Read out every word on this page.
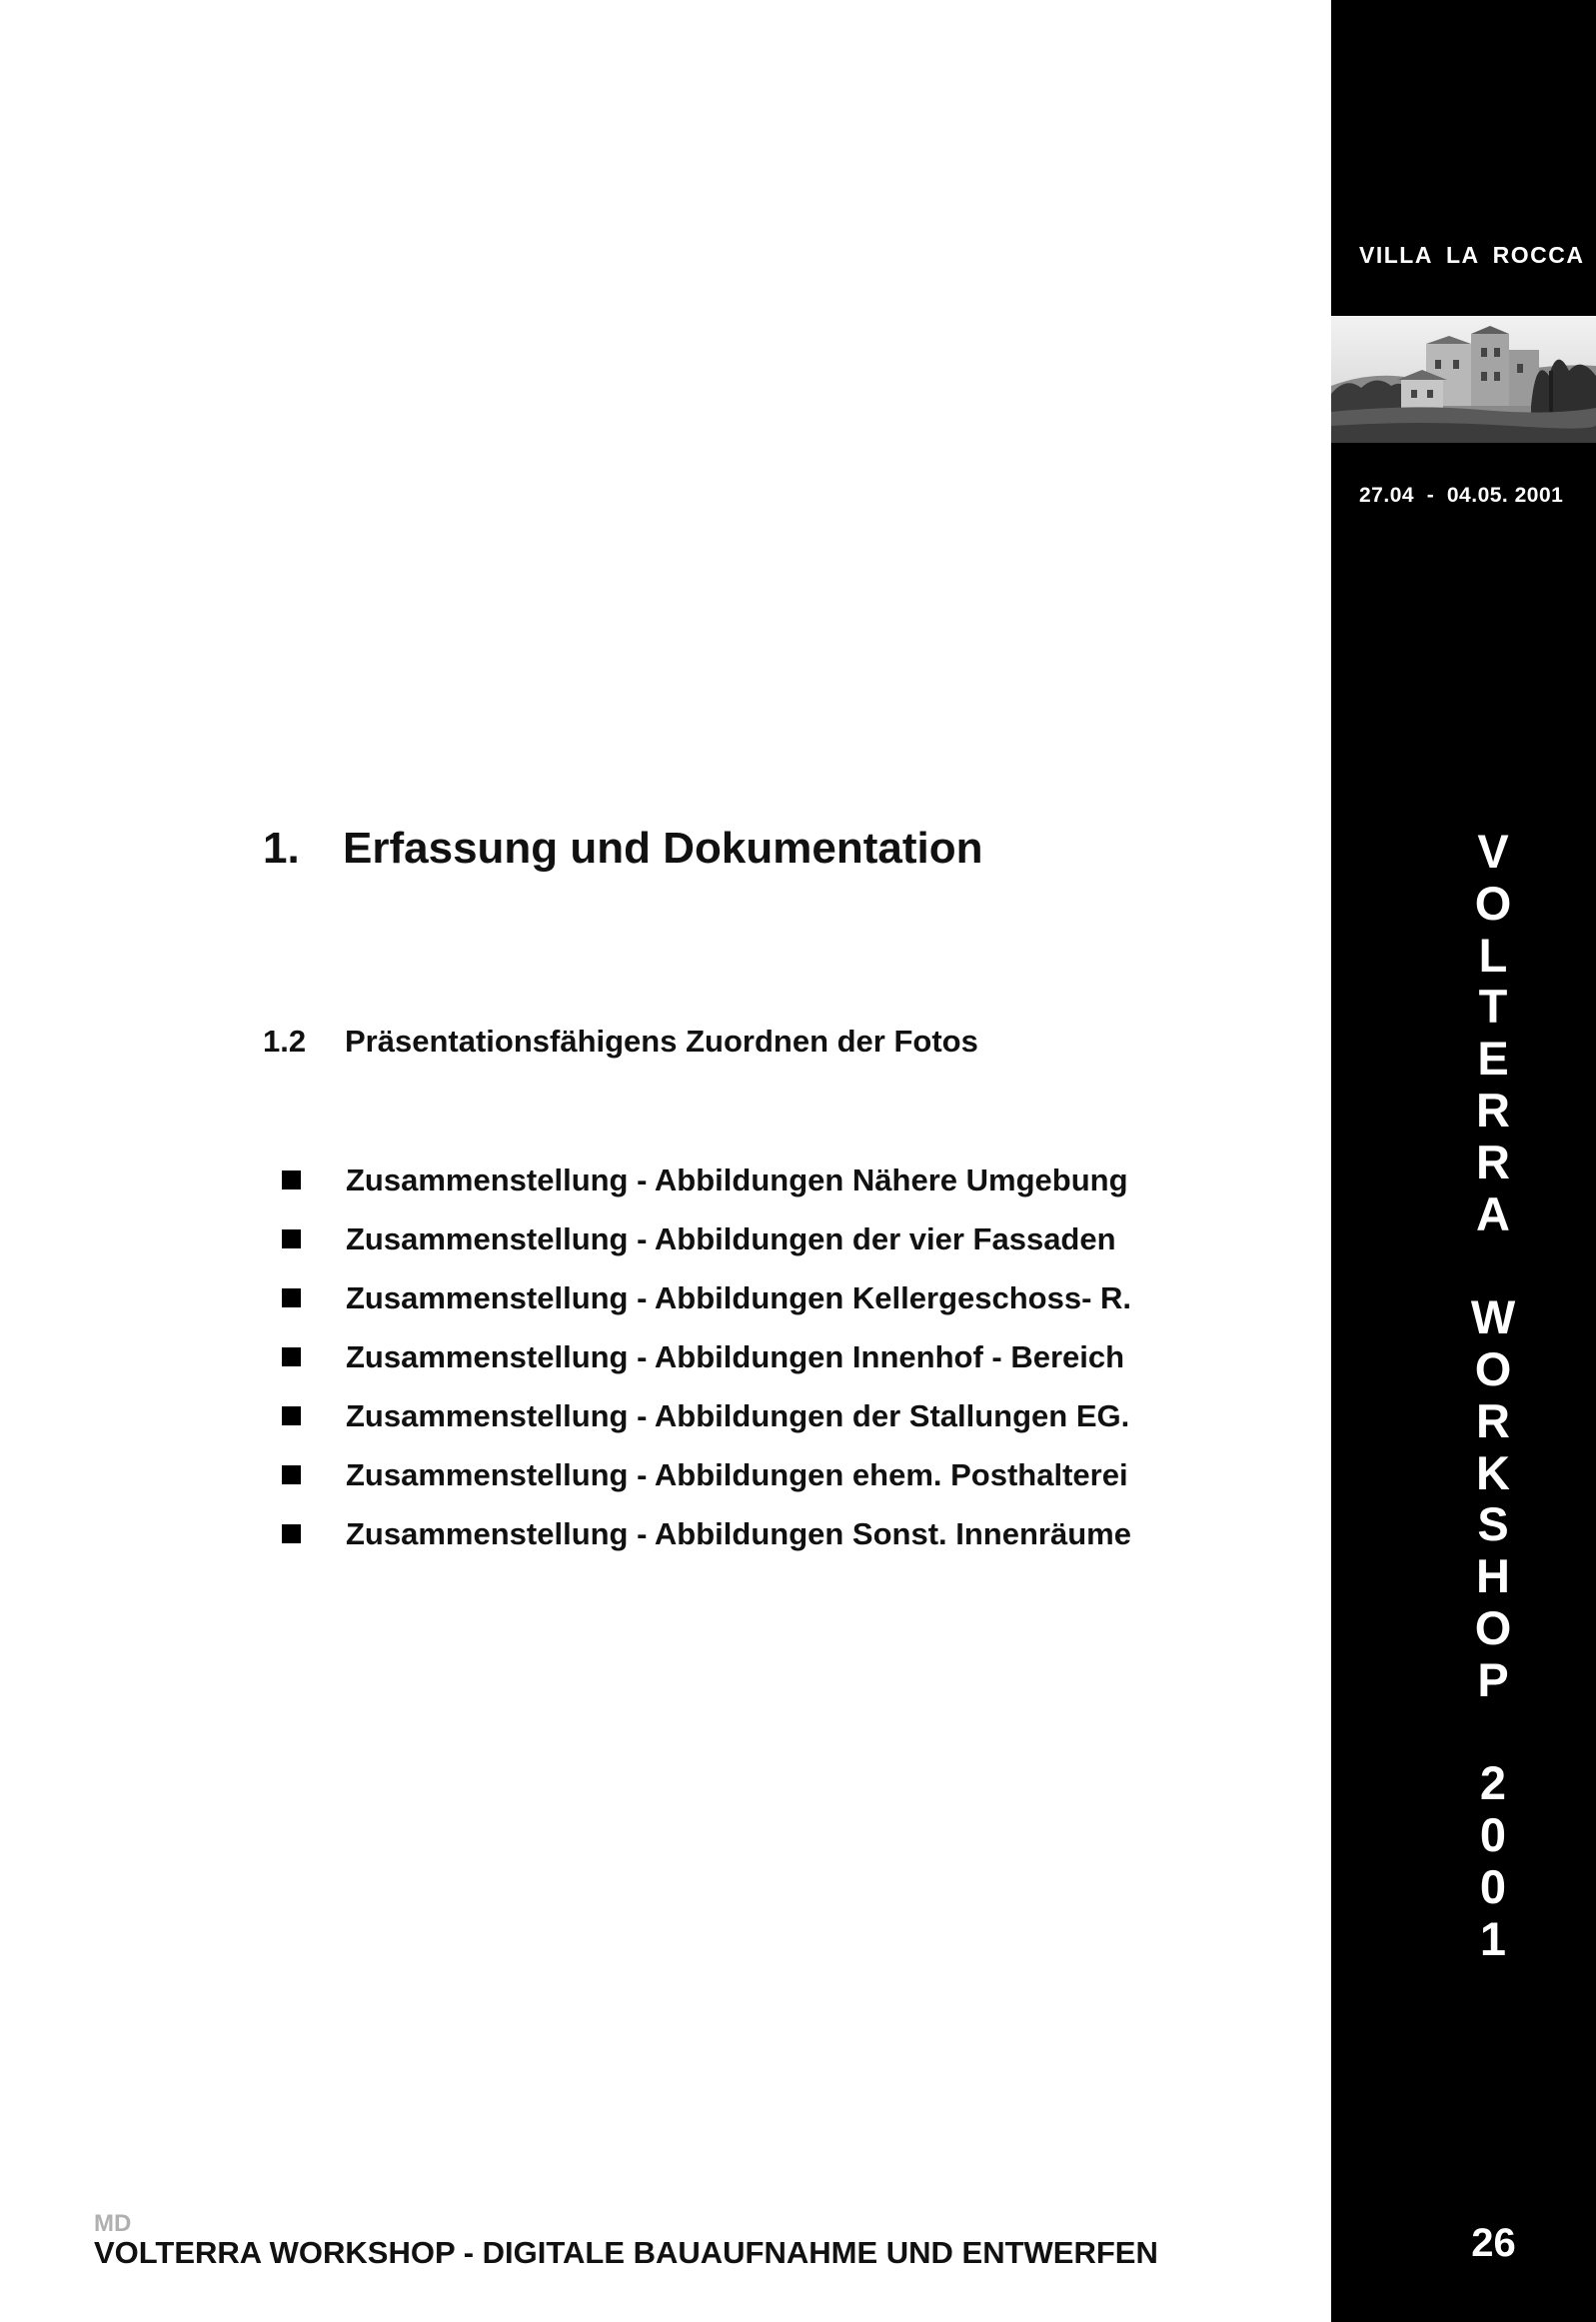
1. Erfassung und Dokumentation
1.2 Präsentationsfähigens Zuordnen der Fotos
Zusammenstellung - Abbildungen Nähere Umgebung
Zusammenstellung - Abbildungen der vier Fassaden
Zusammenstellung - Abbildungen Kellergeschoss- R.
Zusammenstellung - Abbildungen Innenhof - Bereich
Zusammenstellung - Abbildungen der Stallungen EG.
Zusammenstellung - Abbildungen ehem. Posthalterei
Zusammenstellung - Abbildungen Sonst. Innenräume
MD
VOLTERRA WORKSHOP - DIGITALE BAUAUFNAHME UND ENTWERFEN
VILLA LA ROCCA
27.04  -  04.05. 2001
V
O
L
T
E
R
R
A
W
O
R
K
S
H
O
P
2
0
0
1
26
